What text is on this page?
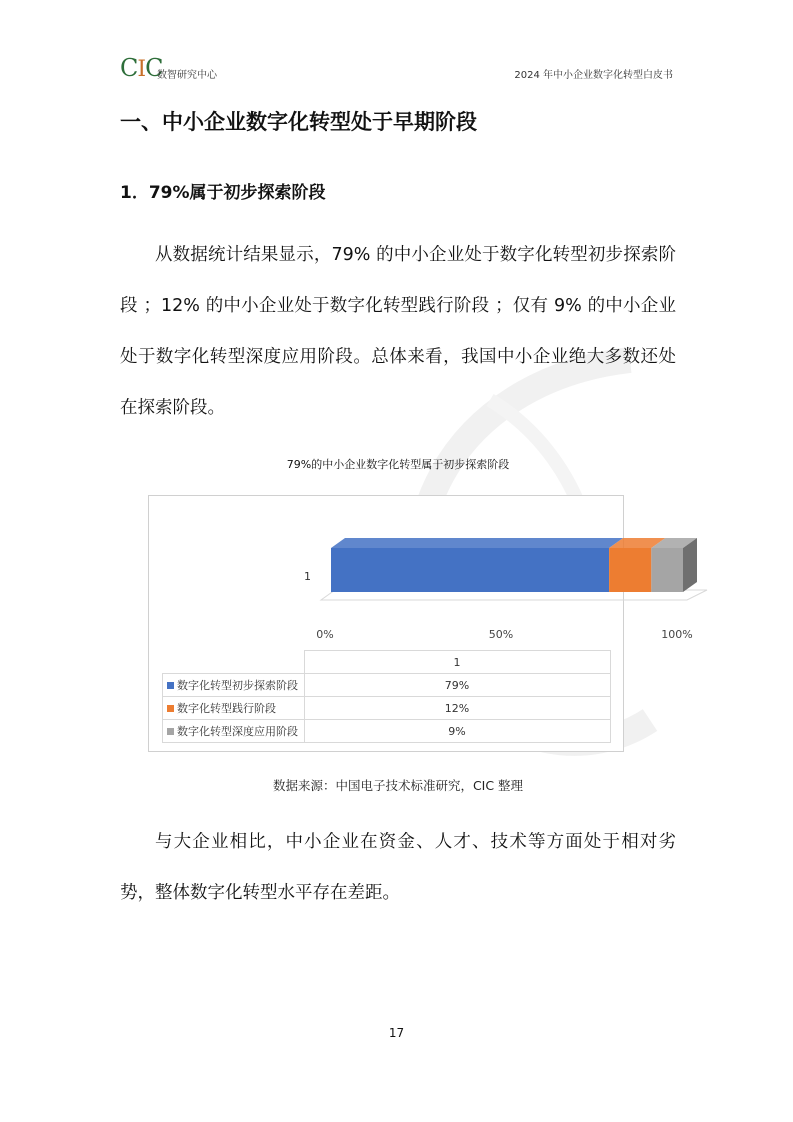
CIC
数智研究中心	2024 年中小企业数字化转型白皮书
一、中小企业数字化转型处于早期阶段
1．79%属于初步探索阶段

从数据统计结果显示，79% 的中小企业处于数字化转型初步探索阶段 ；12% 的中小企业处于数字化转型践行阶段 ；仅有 9% 的中小企业处于数字化转型深度应用阶段。总体来看，我国中小企业绝大多数还处在探索阶段。

79%的中小企业数字化转型属于初步探索阶段
1
0%	50%	100%
	1
数字化转型初步探索阶段	79%
数字化转型践行阶段	12%
数字化转型深度应用阶段	9%
数据来源：中国电子技术标准研究，CIC 整理

与大企业相比，中小企业在资金、人才、技术等方面处于相对劣势，整体数字化转型水平存在差距。

17
